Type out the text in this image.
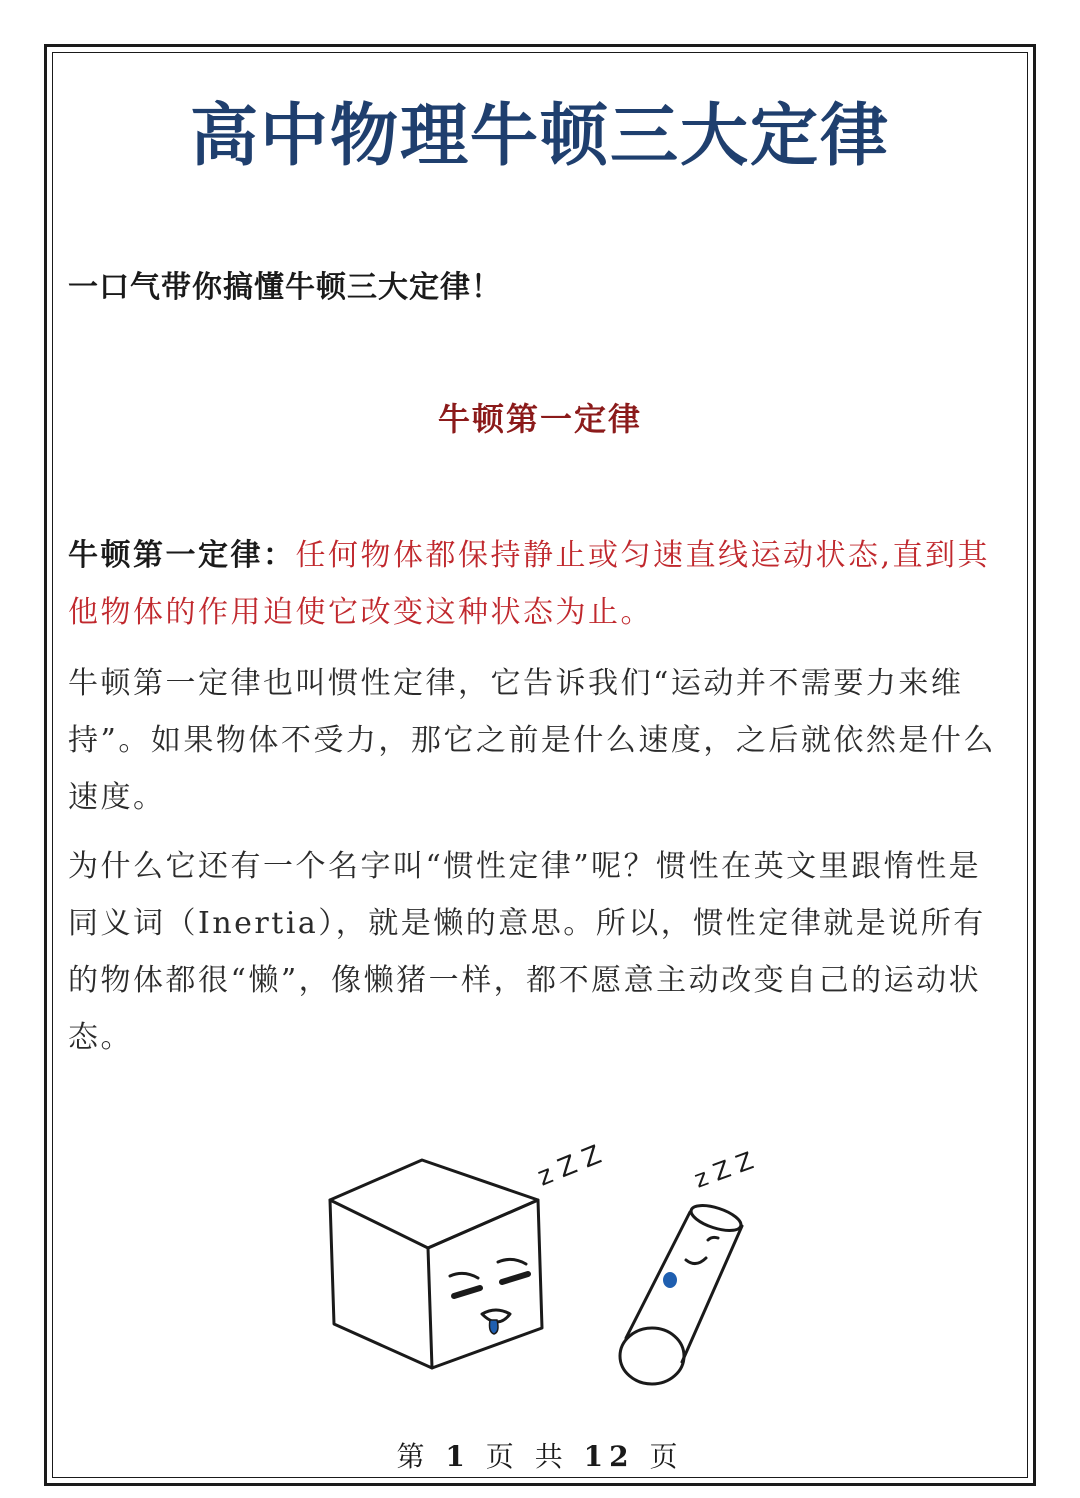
高中物理牛顿三大定律
一口气带你搞懂牛顿三大定律！
牛顿第一定律

牛顿第一定律：任何物体都保持静止或匀速直线运动状态,直到其他物体的作用迫使它改变这种状态为止。

牛顿第一定律也叫惯性定律，它告诉我们“运动并不需要力来维持”。如果物体不受力，那它之前是什么速度，之后就依然是什么速度。

为什么它还有一个名字叫“惯性定律”呢？惯性在英文里跟惰性是同义词（Inertia），就是懒的意思。所以，惯性定律就是说所有的物体都很“懒”，像懒猪一样，都不愿意主动改变自己的运动状态。

z Z Z	z Z Z
第 1 页 共 12 页
